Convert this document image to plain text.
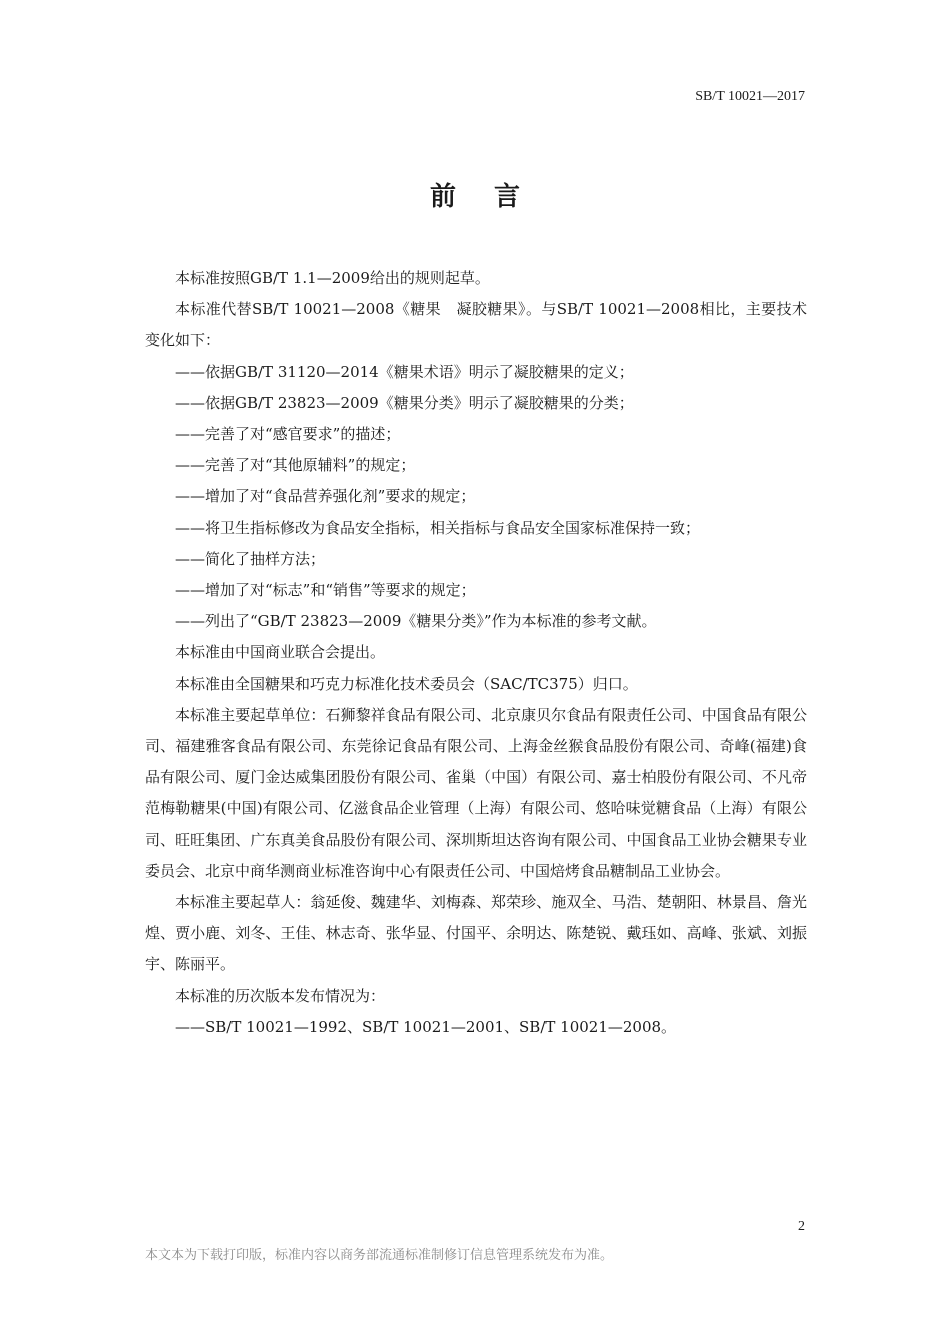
SB/T 10021—2017
前言

本标准按照GB/T 1.1—2009给出的规则起草。

本标准代替SB/T 10021—2008《糖果　凝胶糖果》。与SB/T 10021—2008相比，主要技术变化如下：

——依据GB/T 31120—2014《糖果术语》明示了凝胶糖果的定义；

——依据GB/T 23823—2009《糖果分类》明示了凝胶糖果的分类；

——完善了对“感官要求”的描述；

——完善了对“其他原辅料”的规定；

——增加了对“食品营养强化剂”要求的规定；

——将卫生指标修改为食品安全指标，相关指标与食品安全国家标准保持一致；

——简化了抽样方法；

——增加了对“标志”和“销售”等要求的规定；

——列出了“GB/T 23823—2009《糖果分类》”作为本标准的参考文献。

本标准由中国商业联合会提出。

本标准由全国糖果和巧克力标准化技术委员会（SAC/TC375）归口。

本标准主要起草单位：石狮黎祥食品有限公司、北京康贝尔食品有限责任公司、中国食品有限公司、福建雅客食品有限公司、东莞徐记食品有限公司、上海金丝猴食品股份有限公司、奇峰(福建)食品有限公司、厦门金达威集团股份有限公司、雀巢（中国）有限公司、嘉士柏股份有限公司、不凡帝范梅勒糖果(中国)有限公司、亿滋食品企业管理（上海）有限公司、悠哈味觉糖食品（上海）有限公司、旺旺集团、广东真美食品股份有限公司、深圳斯坦达咨询有限公司、中国食品工业协会糖果专业委员会、北京中商华测商业标准咨询中心有限责任公司、中国焙烤食品糖制品工业协会。

本标准主要起草人：翁延俊、魏建华、刘梅森、郑荣珍、施双全、马浩、楚朝阳、林景昌、詹光煌、贾小鹿、刘冬、王佳、林志奇、张华显、付国平、余明达、陈楚锐、戴珏如、高峰、张斌、刘振宇、陈丽平。

本标准的历次版本发布情况为：

——SB/T 10021—1992、SB/T 10021—2001、SB/T 10021—2008。

2
本文本为下载打印版，标准内容以商务部流通标准制修订信息管理系统发布为准。
